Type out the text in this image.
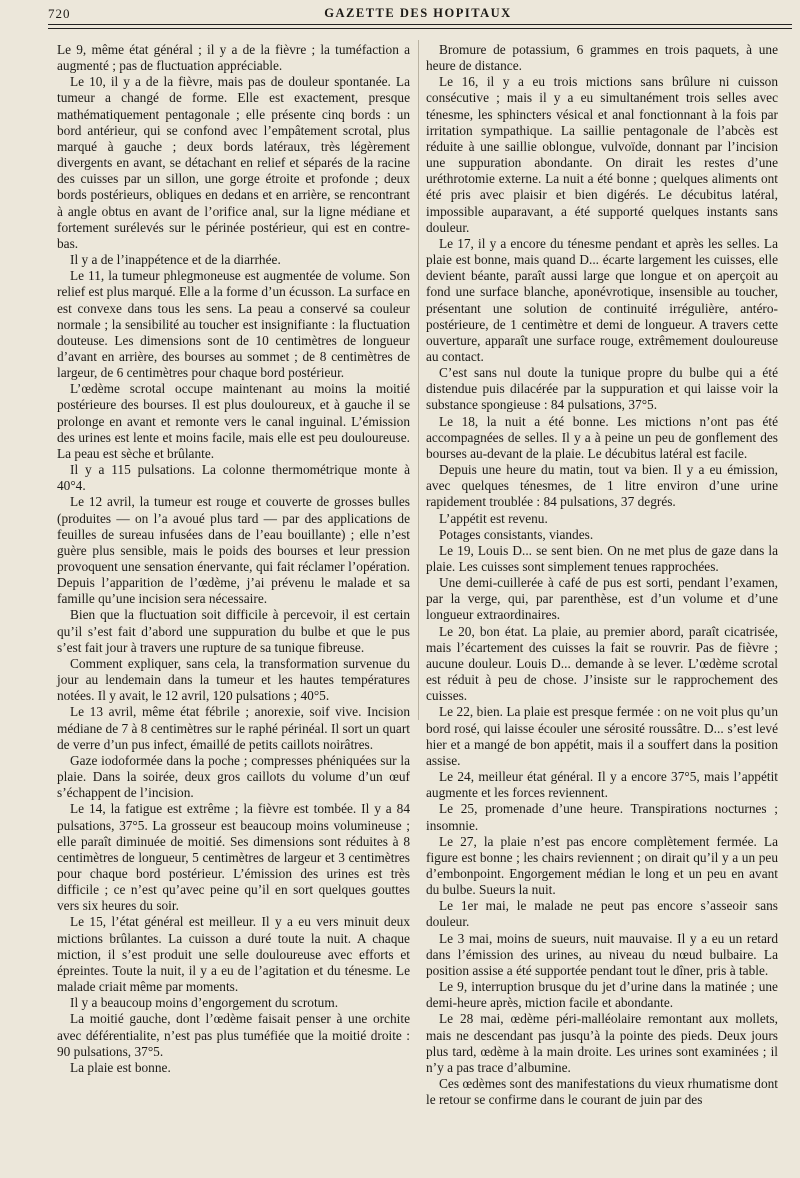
720	GAZETTE DES HOPITAUX

Le 9, même état général ; il y a de la fièvre ; la tuméfaction a augmenté ; pas de fluctuation appréciable.

Le 10, il y a de la fièvre, mais pas de douleur spontanée. La tumeur a changé de forme. Elle est exactement, presque mathématiquement pentagonale ; elle présente cinq bords : un bord antérieur, qui se confond avec l’empâtement scrotal, plus marqué à gauche ; deux bords latéraux, très légèrement divergents en avant, se détachant en relief et séparés de la racine des cuisses par un sillon, une gorge étroite et profonde ; deux bords postérieurs, obliques en dedans et en arrière, se rencontrant à angle obtus en avant de l’orifice anal, sur la ligne médiane et fortement surélevés sur le périnée postérieur, qui est en contre-bas.

Il y a de l’inappétence et de la diarrhée.

Le 11, la tumeur phlegmoneuse est augmentée de volume. Son relief est plus marqué. Elle a la forme d’un écusson. La surface en est convexe dans tous les sens. La peau a conservé sa couleur normale ; la sensibilité au toucher est insignifiante : la fluctuation douteuse. Les dimensions sont de 10 centimètres de longueur d’avant en arrière, des bourses au sommet ; de 8 centimètres de largeur, de 6 centimètres pour chaque bord postérieur.

L’œdème scrotal occupe maintenant au moins la moitié postérieure des bourses. Il est plus douloureux, et à gauche il se prolonge en avant et remonte vers le canal inguinal. L’émission des urines est lente et moins facile, mais elle est peu douloureuse. La peau est sèche et brûlante.

Il y a 115 pulsations. La colonne thermométrique monte à 40°4.

Le 12 avril, la tumeur est rouge et couverte de grosses bulles (produites — on l’a avoué plus tard — par des applications de feuilles de sureau infusées dans de l’eau bouillante) ; elle n’est guère plus sensible, mais le poids des bourses et leur pression provoquent une sensation énervante, qui fait réclamer l’opération. Depuis l’apparition de l’œdème, j’ai prévenu le malade et sa famille qu’une incision sera nécessaire.

Bien que la fluctuation soit difficile à percevoir, il est certain qu’il s’est fait d’abord une suppuration du bulbe et que le pus s’est fait jour à travers une rupture de sa tunique fibreuse.

Comment expliquer, sans cela, la transformation survenue du jour au lendemain dans la tumeur et les hautes températures notées. Il y avait, le 12 avril, 120 pulsations ; 40°5.

Le 13 avril, même état fébrile ; anorexie, soif vive. Incision médiane de 7 à 8 centimètres sur le raphé périnéal. Il sort un quart de verre d’un pus infect, émaillé de petits caillots noirâtres.

Gaze iodoformée dans la poche ; compresses phéniquées sur la plaie. Dans la soirée, deux gros caillots du volume d’un œuf s’échappent de l’incision.

Le 14, la fatigue est extrême ; la fièvre est tombée. Il y a 84 pulsations, 37°5. La grosseur est beaucoup moins volumineuse ; elle paraît diminuée de moitié. Ses dimensions sont réduites à 8 centimètres de longueur, 5 centimètres de largeur et 3 centimètres pour chaque bord postérieur. L’émission des urines est très difficile ; ce n’est qu’avec peine qu’il en sort quelques gouttes vers six heures du soir.

Le 15, l’état général est meilleur. Il y a eu vers minuit deux mictions brûlantes. La cuisson a duré toute la nuit. A chaque miction, il s’est produit une selle douloureuse avec efforts et épreintes. Toute la nuit, il y a eu de l’agitation et du ténesme. Le malade criait même par moments.

Il y a beaucoup moins d’engorgement du scrotum.

La moitié gauche, dont l’œdème faisait penser à une orchite avec déférentialite, n’est pas plus tuméfiée que la moitié droite : 90 pulsations, 37°5.

La plaie est bonne.

Bromure de potassium, 6 grammes en trois paquets, à une heure de distance.

Le 16, il y a eu trois mictions sans brûlure ni cuisson consécutive ; mais il y a eu simultanément trois selles avec ténesme, les sphincters vésical et anal fonctionnant à la fois par irritation sympathique. La saillie pentagonale de l’abcès est réduite à une saillie oblongue, vulvoïde, donnant par l’incision une suppuration abondante. On dirait les restes d’une uréthrotomie externe. La nuit a été bonne ; quelques aliments ont été pris avec plaisir et bien digérés. Le décubitus latéral, impossible auparavant, a été supporté quelques instants sans douleur.

Le 17, il y a encore du ténesme pendant et après les selles. La plaie est bonne, mais quand D... écarte largement les cuisses, elle devient béante, paraît aussi large que longue et on aperçoit au fond une surface blanche, aponévrotique, insensible au toucher, présentant une solution de continuité irrégulière, antéro-postérieure, de 1 centimètre et demi de longueur. A travers cette ouverture, apparaît une surface rouge, extrêmement douloureuse au contact.

C’est sans nul doute la tunique propre du bulbe qui a été distendue puis dilacérée par la suppuration et qui laisse voir la substance spongieuse : 84 pulsations, 37°5.

Le 18, la nuit a été bonne. Les mictions n’ont pas été accompagnées de selles. Il y a à peine un peu de gonflement des bourses au-devant de la plaie. Le décubitus latéral est facile.

Depuis une heure du matin, tout va bien. Il y a eu émission, avec quelques ténesmes, de 1 litre environ d’une urine rapidement troublée : 84 pulsations, 37 degrés.

L’appétit est revenu.

Potages consistants, viandes.

Le 19, Louis D... se sent bien. On ne met plus de gaze dans la plaie. Les cuisses sont simplement tenues rapprochées.

Une demi-cuillerée à café de pus est sorti, pendant l’examen, par la verge, qui, par parenthèse, est d’un volume et d’une longueur extraordinaires.

Le 20, bon état. La plaie, au premier abord, paraît cicatrisée, mais l’écartement des cuisses la fait se rouvrir. Pas de fièvre ; aucune douleur. Louis D... demande à se lever. L’œdème scrotal est réduit à peu de chose. J’insiste sur le rapprochement des cuisses.

Le 22, bien. La plaie est presque fermée : on ne voit plus qu’un bord rosé, qui laisse écouler une sérosité roussâtre. D... s’est levé hier et a mangé de bon appétit, mais il a souffert dans la position assise.

Le 24, meilleur état général. Il y a encore 37°5, mais l’appétit augmente et les forces reviennent.

Le 25, promenade d’une heure. Transpirations nocturnes ; insomnie.

Le 27, la plaie n’est pas encore complètement fermée. La figure est bonne ; les chairs reviennent ; on dirait qu’il y a un peu d’embonpoint. Engorgement médian le long et un peu en avant du bulbe. Sueurs la nuit.

Le 1er mai, le malade ne peut pas encore s’asseoir sans douleur.

Le 3 mai, moins de sueurs, nuit mauvaise. Il y a eu un retard dans l’émission des urines, au niveau du nœud bulbaire. La position assise a été supportée pendant tout le dîner, pris à table.

Le 9, interruption brusque du jet d’urine dans la matinée ; une demi-heure après, miction facile et abondante.

Le 28 mai, œdème péri-malléolaire remontant aux mollets, mais ne descendant pas jusqu’à la pointe des pieds. Deux jours plus tard, œdème à la main droite. Les urines sont examinées ; il n’y a pas trace d’albumine.

Ces œdèmes sont des manifestations du vieux rhumatisme dont le retour se confirme dans le courant de juin par des
